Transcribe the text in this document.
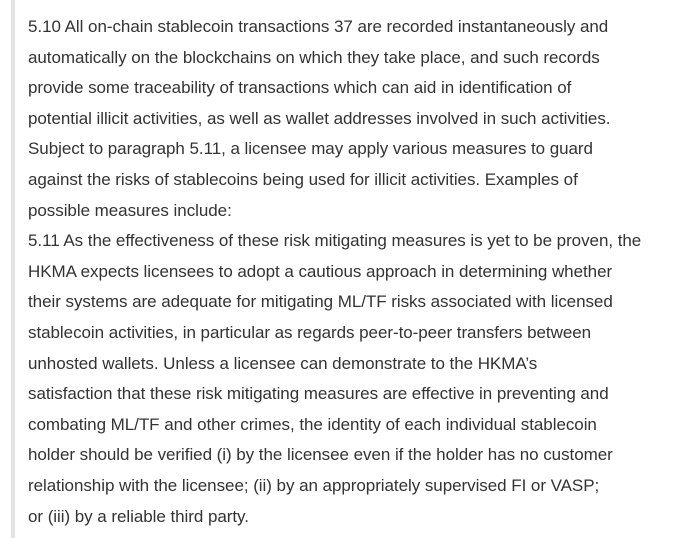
5.10 All on-chain stablecoin transactions 37 are recorded instantaneously and
automatically on the blockchains on which they take place, and such records
provide some traceability of transactions which can aid in identification of
potential illicit activities, as well as wallet addresses involved in such activities.
Subject to paragraph 5.11, a licensee may apply various measures to guard
against the risks of stablecoins being used for illicit activities. Examples of
possible measures include:
5.11 As the effectiveness of these risk mitigating measures is yet to be proven, the
HKMA expects licensees to adopt a cautious approach in determining whether
their systems are adequate for mitigating ML/TF risks associated with licensed
stablecoin activities, in particular as regards peer-to-peer transfers between
unhosted wallets. Unless a licensee can demonstrate to the HKMA’s
satisfaction that these risk mitigating measures are effective in preventing and
combating ML/TF and other crimes, the identity of each individual stablecoin
holder should be verified (i) by the licensee even if the holder has no customer
relationship with the licensee; (ii) by an appropriately supervised FI or VASP;
or (iii) by a reliable third party.
